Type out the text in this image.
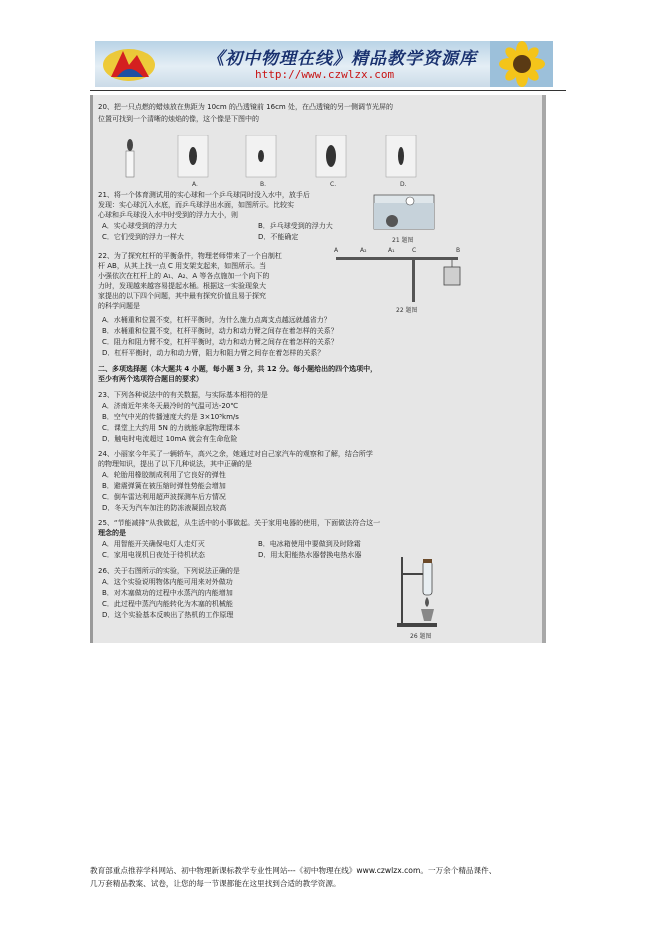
《初中物理在线》精品教学资源库
http://www.czwlzx.com
20、把一只点燃的蜡烛放在焦距为 10cm 的凸透镜前 16cm 处，在凸透镜的另一侧调节光屏的
位置可找到一个清晰的烛焰的像，这个像是下图中的
A.	B.	C.	D.
21、将一个体育测试用的实心球和一个乒乓球同时没入水中，放手后
发现：实心球沉入水底，而乒乓球浮出水面，如图所示。比较实
心球和乒乓球没入水中时受到的浮力大小，则
A．实心球受到的浮力大	B．乒乓球受到的浮力大
C．它们受到的浮力一样大	D．不能确定	21 题图
22、为了探究杠杆的平衡条件，物理老师带来了一个自制杠
杆 AB，从其上找一点 C 用支架支起来，如图所示。当
小强依次在杠杆上的 A₁、A₂、A 等各点施加一个向下的
力时，发现越来越容易提起水桶。根据这一实验现象大
家提出的以下四个问题，其中最有探究价值且易于探究
的科学问题是
A	A₂	A₁	C	B
22 题图
A．水桶重和位置不变，杠杆平衡时，为什么施力点离支点越远就越省力？
B．水桶重和位置不变，杠杆平衡时，动力和动力臂之间存在着怎样的关系？
C．阻力和阻力臂不变，杠杆平衡时，动力和动力臂之间存在着怎样的关系？
D．杠杆平衡时，动力和动力臂，阻力和阻力臂之间存在着怎样的关系？
二、多项选择题（本大题共 4 小题，每小题 3 分，共 12 分。每小题给出的四个选项中，
至少有两个选项符合题目的要求）
23、下列各种说法中的有关数据，与实际基本相符的是
A．济南近年来冬天最冷时的气温可达-20℃
B．空气中光的传播速度大约是 3×10⁵km/s
C．课堂上大约用 5N 的力就能拿起物理课本
D．触电时电流超过 10mA 就会有生命危险
24、小丽家今年买了一辆轿车，高兴之余，她通过对自己家汽车的观察和了解，结合所学
的物理知识，提出了以下几种说法，其中正确的是
A．轮胎用橡胶制成利用了它良好的弹性
B．避震弹簧在被压缩时弹性势能会增加
C．倒车雷达利用超声波探测车后方情况
D．冬天为汽车加注的防冻液凝固点较高
25、“节能减排”从我做起，从生活中的小事做起。关于家用电器的使用，下面做法符合这一
理念的是
A．用智能开关确保电灯人走灯灭	B．电冰箱使用中要做到及时除霜
C．家用电视机日夜处于待机状态	D．用太阳能热水器替换电热水器
26、关于右图所示的实验，下列说法正确的是
A．这个实验说明物体内能可用来对外做功
B．对木塞做功的过程中水蒸汽的内能增加
C．此过程中蒸汽内能转化为木塞的机械能
D．这个实验基本反映出了热机的工作原理
26 题图
教育部重点推荐学科网站、初中物理新课标教学专业性网站---《初中物理在线》www.czwlzx.com。一万余个精品课件、
几万套精品教案、试卷，让您的每一节课都能在这里找到合适的教学资源。
